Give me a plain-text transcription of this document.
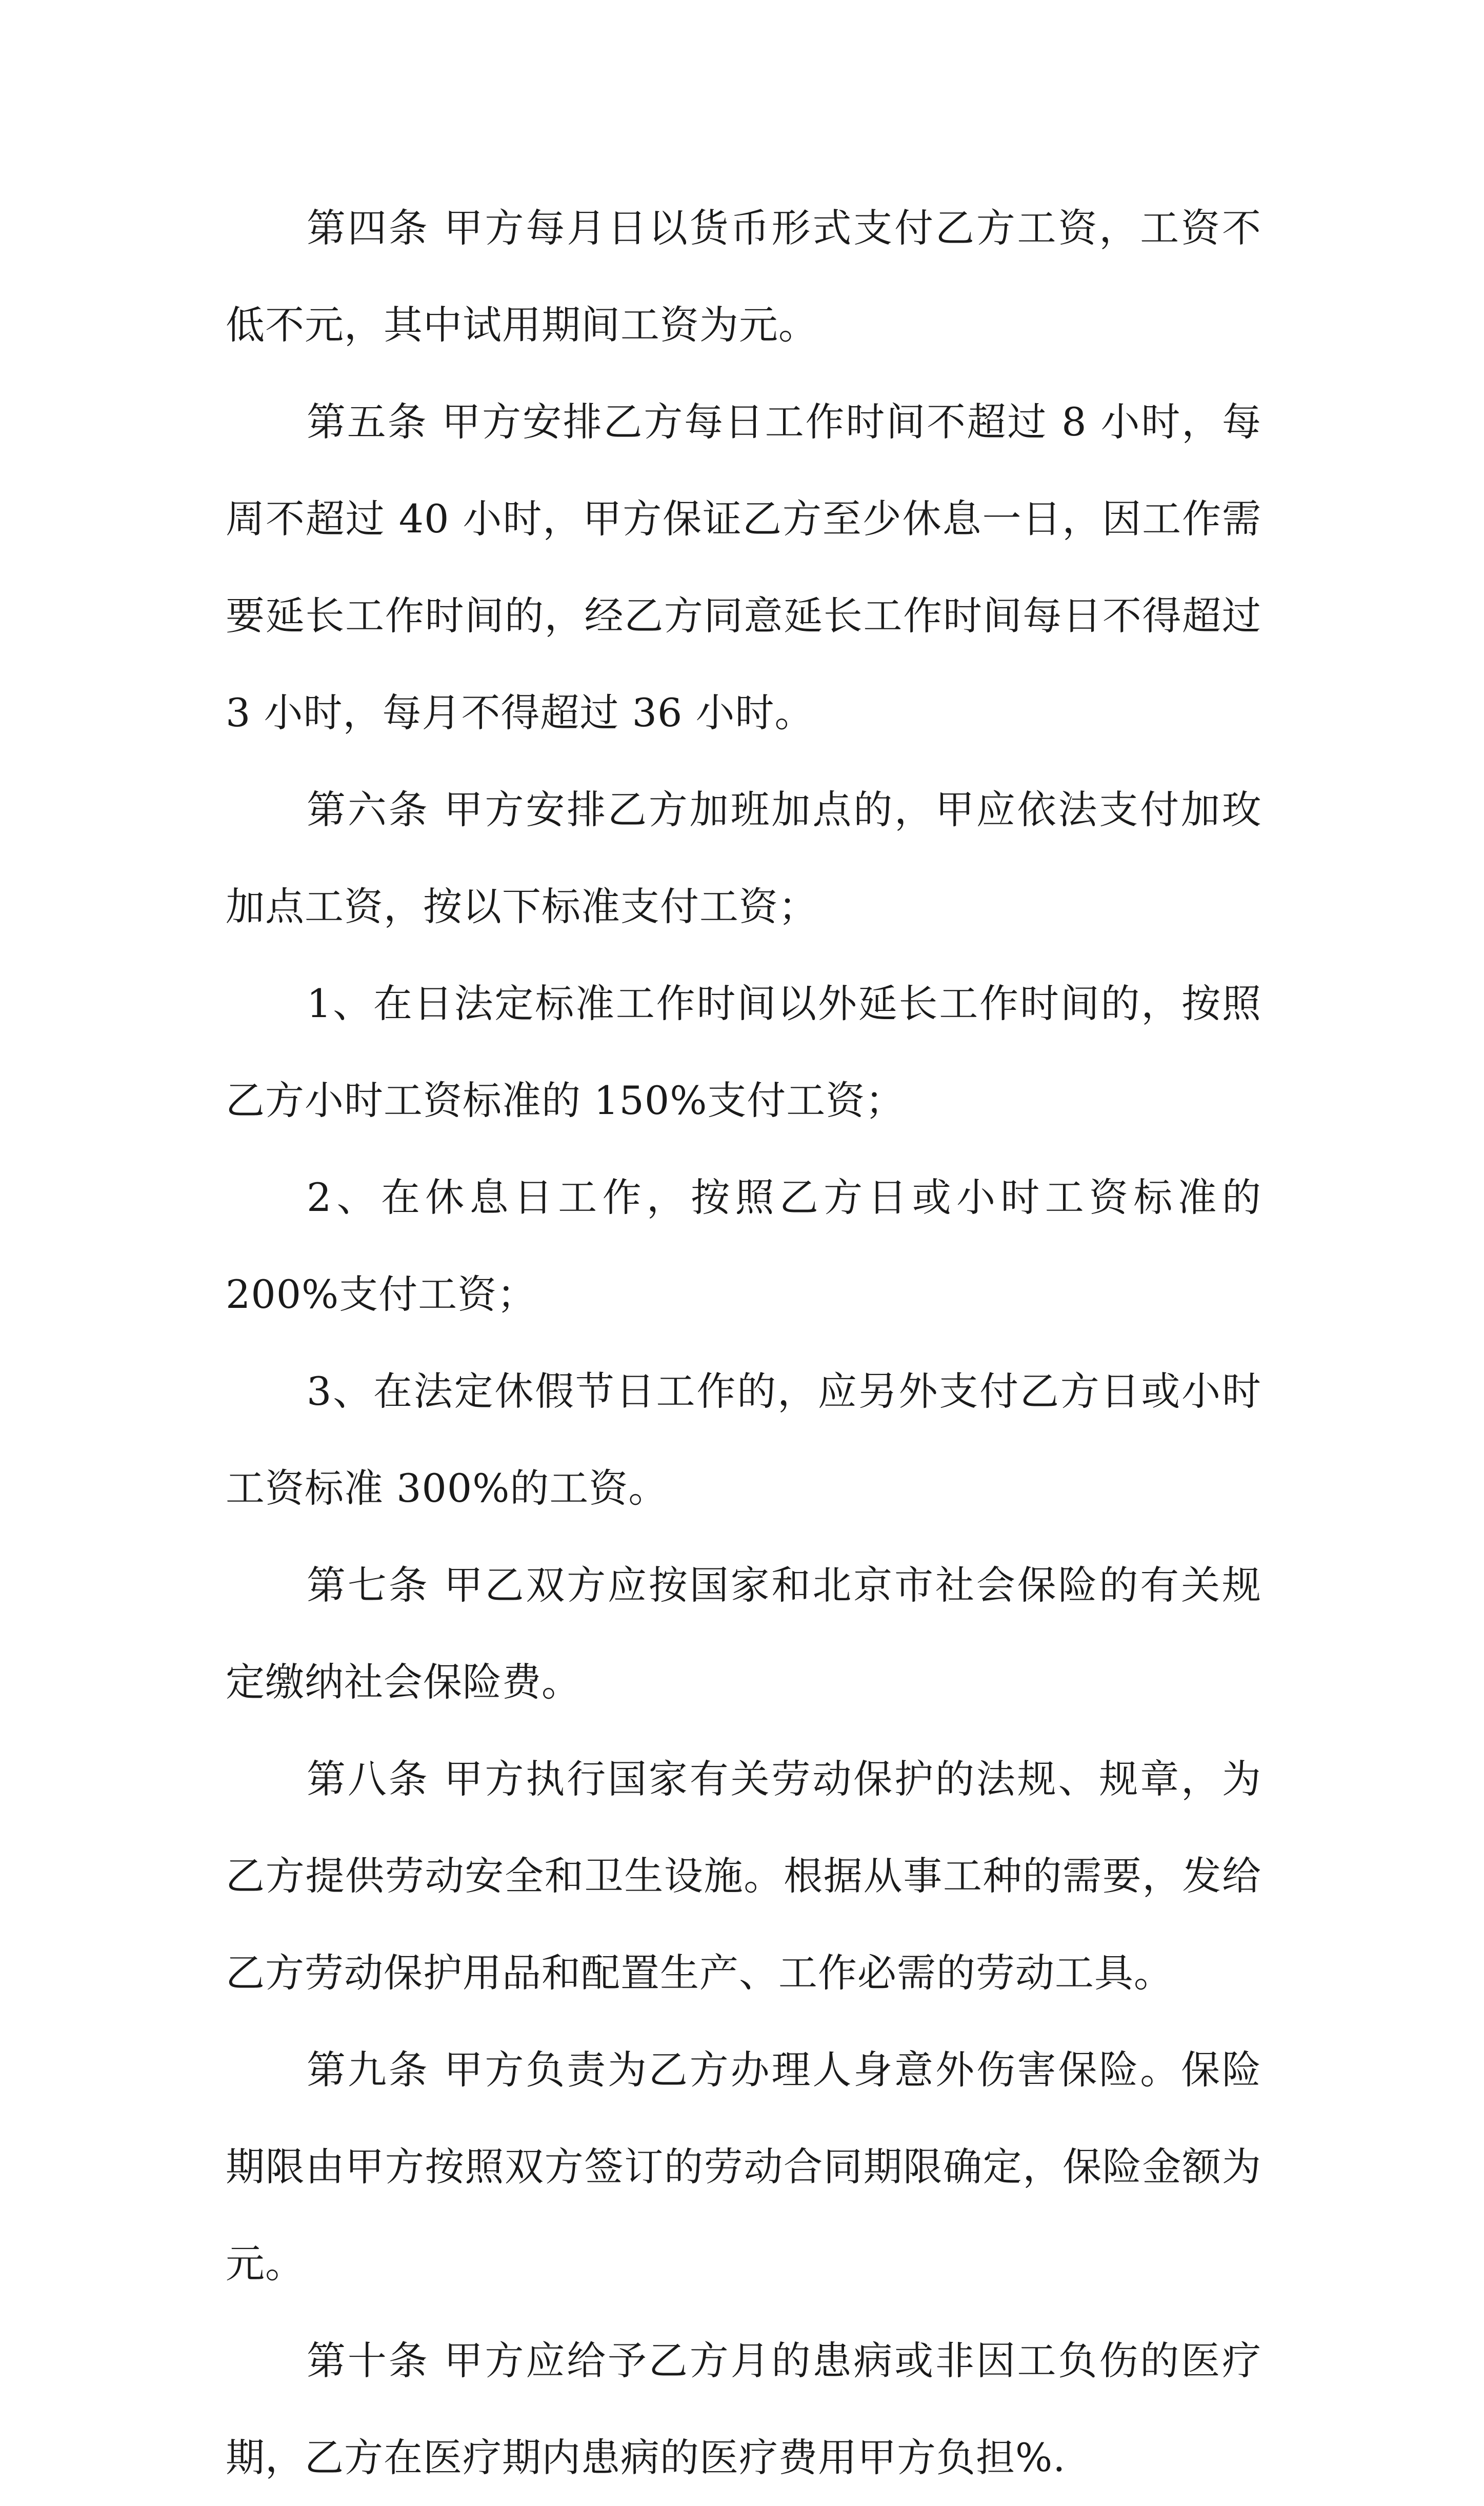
第四条 甲方每月日以货币形式支付乙方工资，工资不低不元，其中试用期间工资为元。

第五条 甲方安排乙方每日工作时间不超过 8 小时，每周不超过 40 小时，甲方保证乙方至少休息一日，因工作需要延长工作时间的，经乙方同意延长工作时间每日不得超过 3 小时，每月不得超过 36 小时。

第六条 甲方安排乙方加班加点的，甲应依法支付加玫加点工资，按以下标准支付工资；

1、在日法定标准工作时间以外延长工作时间的，按照乙方小时工资标准的 150%支付工资；

2、在休息日工作，按照乙方日或小时工资标准的 200%支付工资；

3、在法定休假节日工作的，应另外支付乙方日或小时工资标准 300%的工资。

第七条 甲乙双方应按国家和北京市社会保险的有关规定缴纳社会保险费。

第八条 甲方执行国家有关劳动保护的法规、规章，为乙方提供劳动安全和卫生设施。根据从事工种的需要，发给乙方劳动保护用品和配置生产、工作必需的劳动工具。

第九条 甲方负责为乙方办理人身意外伤害保险。保险期限由甲方按照双方签订的劳动合同期限确定，保险金额为元。

第十条 甲方应给予乙方月的患病或非因工负伤的医疗期，乙方在医疗期内患病的医疗费用甲方负担%.
